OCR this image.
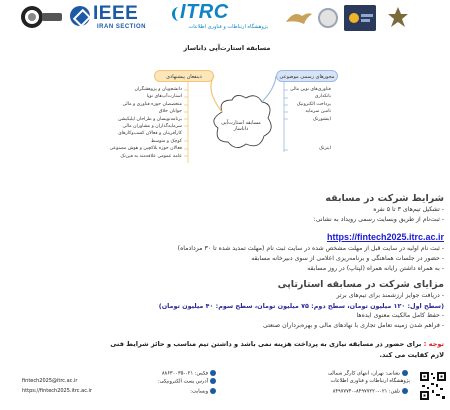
IEEE
IRAN SECTION
ITRC
پژوهشگاه ارتباطات و فناوری اطلاعات
مسابقه استارت‌آپی داناساز
مسابقه استارت‌آپی داناساز
ذینفعان پیشنهادی	محورهای رسمی موضوعی
دانشجویان و پژوهشگران
استارت‌آپ‌های نوپا
متخصصان حوزه فناوری و مالی
جوانان خلاق
برنامه‌نویسان و طراحان اپلیکیشن
سرمایه‌گذاران و مشاوران مالی
کارآفرینان و فعالان کسب‌وکارهای کوچک و متوسط
فعالان حوزه بلاکچین و هوش مصنوعی
عامه عمومی علاقه‌مند به فین‌تک
فناوری‌های نوین مالی
بانکداری
پرداخت الکترونیک
تامین سرمایه
اینشورتک
اینزتک
شرایط شرکت در مسابقه
- تشکیل تیم‌های ۳ تا ۵ نفره
- ثبت‌نام از طریق وبسایت رسمی رویداد به نشانی:
https://fintech2025.itrc.ac.ir
- ثبت نام اولیه در سایت قبل از مهلت مشخص شده در سایت ثبت نام (مهلت تمدید شده تا ۳۰ مرداد‌ماه)
- حضور در جلسات هماهنگی و برنامه‌ریزی اعلامی از سوی دبیرخانه مسابقه
- به همراه داشتن رایانه همراه (لپتاپ) در روز مسابقه
مزایای شرکت در مسابقه استارتاپی
- دریافت جوایز ارزشمند برای تیم‌های برتر
(سطح اول: ۱۲۰ میلیون تومان، سطح دوم: ۷۵ میلیون تومان، سطح سوم: ۴۰ میلیون تومان)
- حفظ کامل مالکیت معنوی ایده‌ها
- فراهم شدن زمینه تعامل تجاری با نهادهای مالی و بهره‌برداران صنعتی
توجه : برای حضور در مسابقه نیازی به پرداخت هزینه نمی باشد و داشتن تیم مناسب و حائز شرایط فنی
لازم کفایت می کند.
نشانی: تهران، انتهای کارگر شمالی
پژوهشگاه ارتباطات و فناوری اطلاعات
تلفن: ۰۲۱-۸۴۹۷۷۲۲۰-۸۴۹۷۷۷۴۰
فکس: ۰۲۱-۸۸۶۳۰۰۳۵
آدرس پست الکترونیکی:
fintech2025@itrc.ac.ir
وبسایت:
https://fintech2025.itrc.ac.ir
